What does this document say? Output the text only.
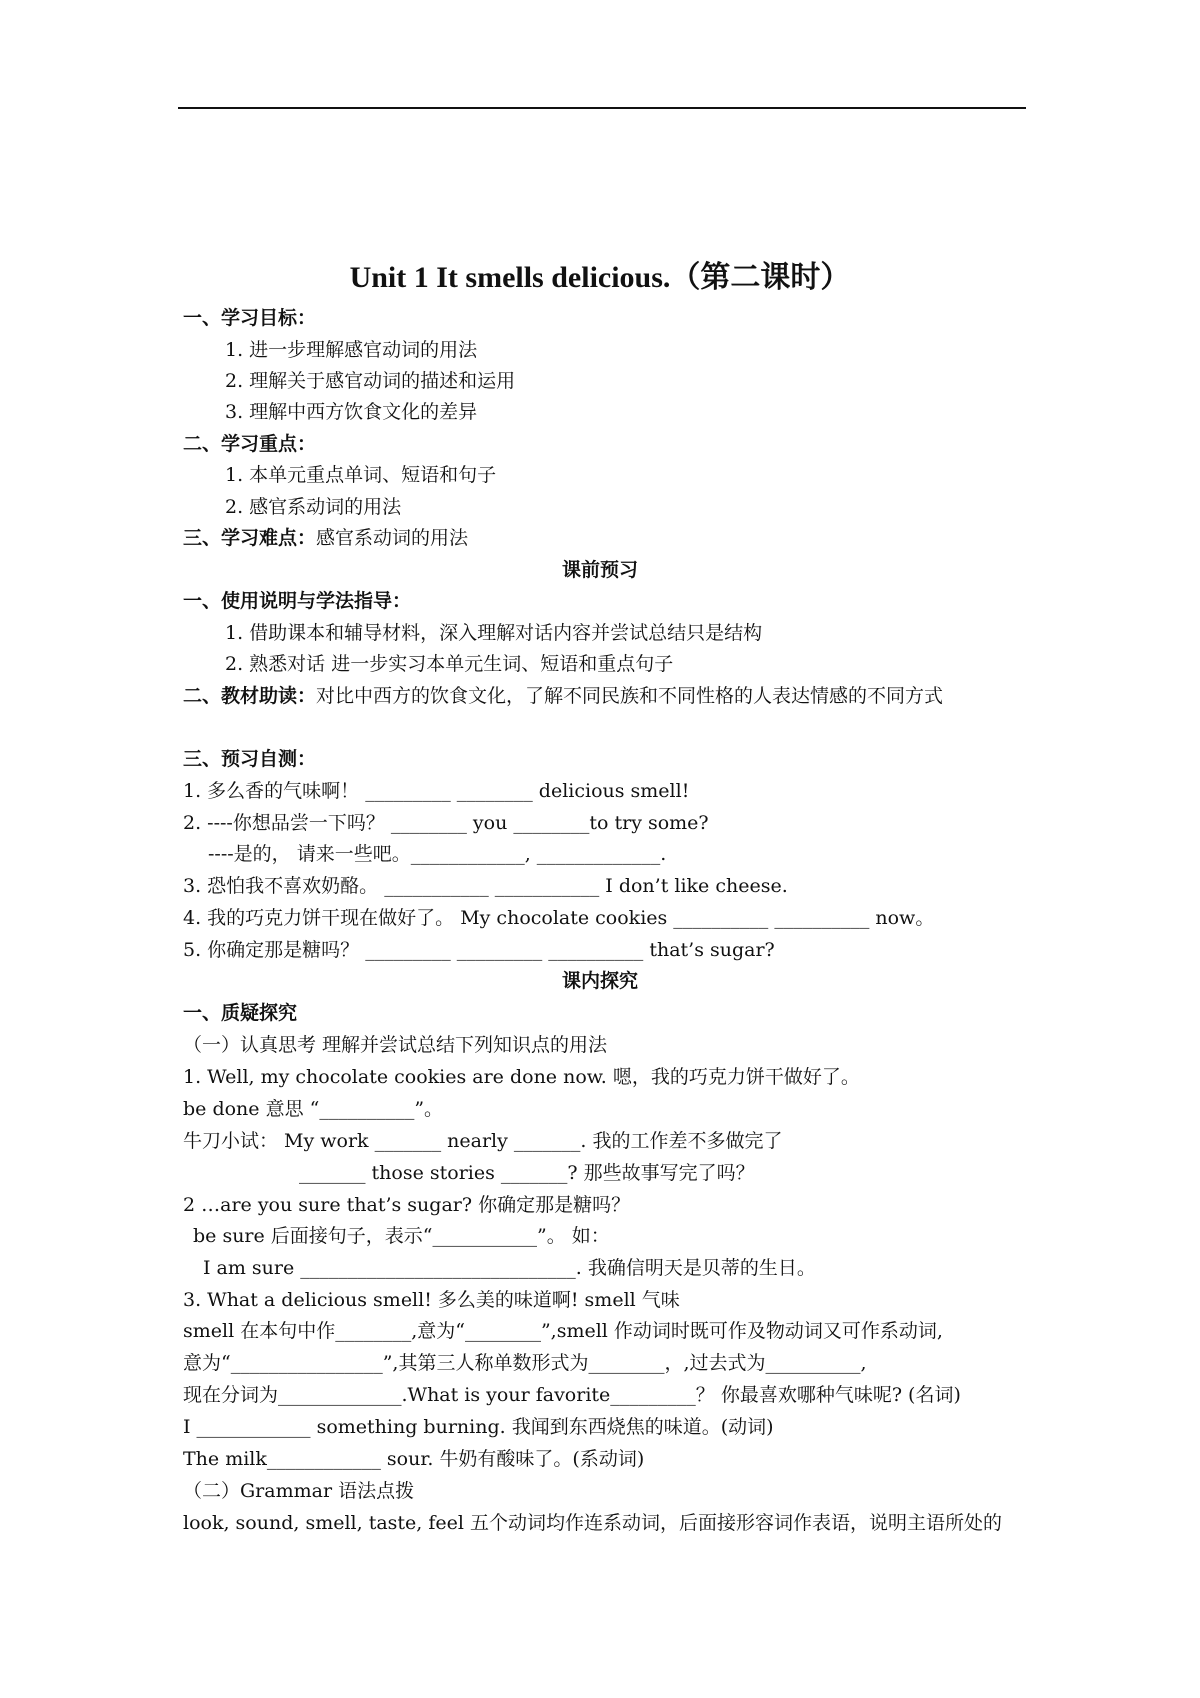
Unit 1 It smells delicious.（第二课时）
一、学习目标：
1. 进一步理解感官动词的用法
2. 理解关于感官动词的描述和运用
3. 理解中西方饮食文化的差异
二、学习重点：
1. 本单元重点单词、短语和句子
2. 感官系动词的用法
三、学习难点：感官系动词的用法
课前预习
一、使用说明与学法指导：
1. 借助课本和辅导材料，深入理解对话内容并尝试总结只是结构
2. 熟悉对话 进一步实习本单元生词、短语和重点句子
二、教材助读：对比中西方的饮食文化，了解不同民族和不同性格的人表达情感的不同方式
三、预习自测：
1. 多么香的气味啊！ _________ ________ delicious smell!
2. ----你想品尝一下吗？ ________ you ________to try some?
----是的， 请来一些吧。____________, _____________.
3. 恐怕我不喜欢奶酪。 ___________ ___________ I don’t like cheese.
4. 我的巧克力饼干现在做好了。 My chocolate cookies __________ __________ now。
5. 你确定那是糖吗？ _________ _________ __________ that’s sugar?
课内探究
一、质疑探究
（一）认真思考 理解并尝试总结下列知识点的用法
1. Well, my chocolate cookies are done now. 嗯，我的巧克力饼干做好了。
be done 意思 “__________”。
牛刀小试： My work _______ nearly _______. 我的工作差不多做完了
_______ those stories _______? 那些故事写完了吗？
2 …are you sure that’s sugar? 你确定那是糖吗？
be sure 后面接句子，表示“___________”。 如：
I am sure _____________________________. 我确信明天是贝蒂的生日。
3. What a delicious smell! 多么美的味道啊! smell 气味
smell 在本句中作________,意为“________”,smell 作动词时既可作及物动词又可作系动词,
意为“________________”,其第三人称单数形式为________，,过去式为__________,
现在分词为_____________.What is your favorite_________？ 你最喜欢哪种气味呢? (名词)
I ____________ something burning. 我闻到东西烧焦的味道。(动词)
The milk____________ sour. 牛奶有酸味了。(系动词)
（二）Grammar 语法点拨
look, sound, smell, taste, feel 五个动词均作连系动词，后面接形容词作表语，说明主语所处的
